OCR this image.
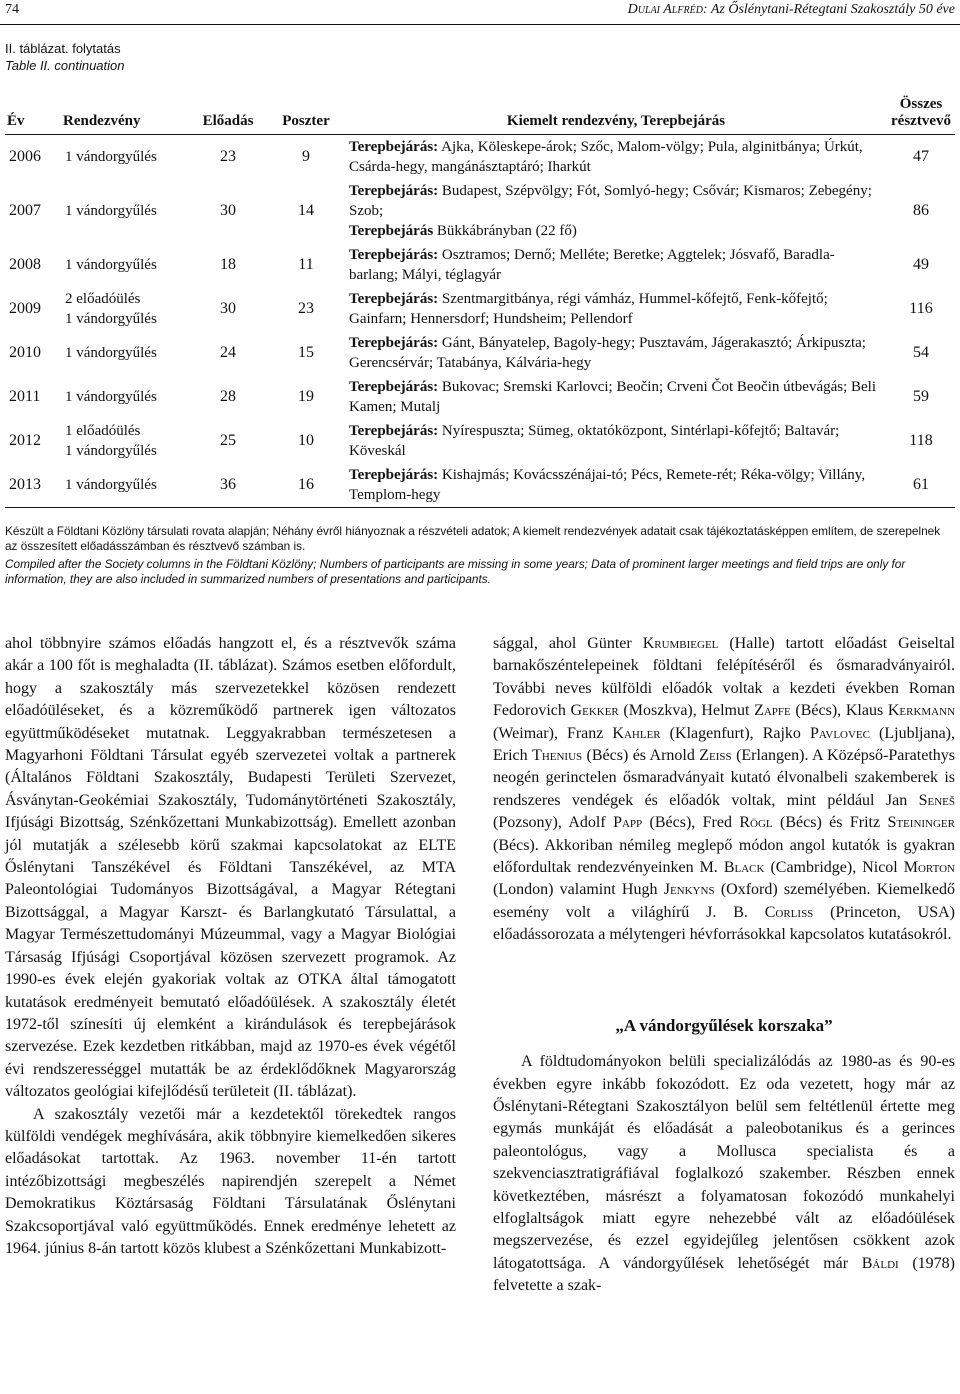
74	Dulai Alfréd: Az Őslénytani-Rétegtani Szakosztály 50 éve
II. táblázat. folytatás
Table II. continuation
Év	Rendezvény	Előadás	Poszter	Kiemelt rendezvény, Terepbejárás	Összes résztvevő
2006	1 vándorgyűlés	23	9	Terepbejárás: Ajka, Köleskepe-árok; Szőc, Malom-völgy; Pula, alginitbánya; Úrkút, Csárda-hegy, mangánásztaptáró; Iharkút	47
2007	1 vándorgyűlés	30	14	Terepbejárás: Budapest, Szépvölgy; Fót, Somlyó-hegy; Csővár; Kismaros; Zebegény; Szob;
Terepbejárás Bükkábrányban (22 fő)	86
2008	1 vándorgyűlés	18	11	Terepbejárás: Osztramos; Dernő; Melléte; Beretke; Aggtelek; Jósvafő, Baradla-barlang; Mályi, téglagyár	49
2009	2 előadóülés
1 vándorgyűlés	30	23	Terepbejárás: Szentmargitbánya, régi vámház, Hummel-kőfejtő, Fenk-kőfejtő; Gainfarn; Hennersdorf; Hundsheim; Pellendorf	116
2010	1 vándorgyűlés	24	15	Terepbejárás: Gánt, Bányatelep, Bagoly-hegy; Pusztavám, Jágerakasztó; Árkipuszta; Gerencsérvár; Tatabánya, Kálvária-hegy	54
2011	1 vándorgyűlés	28	19	Terepbejárás: Bukovac; Sremski Karlovci; Beočin; Crveni Čot Beočin útbevágás; Beli Kamen; Mutalj	59
2012	1 előadóülés
1 vándorgyűlés	25	10	Terepbejárás: Nyírespuszta; Sümeg, oktatóközpont, Sintérlapi-kőfejtő; Baltavár; Köveskál	118
2013	1 vándorgyűlés	36	16	Terepbejárás: Kishajmás; Kovácsszénájai-tó; Pécs, Remete-rét; Réka-völgy; Villány, Templom-hegy	61

Készült a Földtani Közlöny társulati rovata alapján; Néhány évről hiányoznak a részvételi adatok; A kiemelt rendezvények adatait csak tájékoztatásképpen említem, de szerepelnek az összesített előadásszámban és résztvevő számban is.

Compiled after the Society columns in the Földtani Közlöny; Numbers of participants are missing in some years; Data of prominent larger meetings and field trips are only for information, they are also included in summarized numbers of presentations and participants.

ahol többnyire számos előadás hangzott el, és a résztvevők száma akár a 100 főt is meghaladta (II. táblázat). Számos esetben előfordult, hogy a szakosztály más szervezetekkel közösen rendezett előadóüléseket, és a közreműködő partnerek igen változatos együttműködéseket mutatnak. Leggyakrabban természetesen a Magyarhoni Földtani Társulat egyéb szervezetei voltak a partnerek (Általános Földtani Szakosztály, Budapesti Területi Szervezet, Ásványtan-Geokémiai Szakosztály, Tudománytörténeti Szakosztály, Ifjúsági Bizottság, Szénkőzettani Munkabizottság). Emellett azonban jól mutatják a szélesebb körű szakmai kapcsolatokat az ELTE Őslénytani Tanszékével és Földtani Tanszékével, az MTA Paleontológiai Tudományos Bizottságával, a Magyar Rétegtani Bizottsággal, a Magyar Karszt- és Barlangkutató Társulattal, a Magyar Természettudományi Múzeummal, vagy a Magyar Biológiai Társaság Ifjúsági Csoportjával közösen szervezett programok. Az 1990-es évek elején gyakoriak voltak az OTKA által támogatott kutatások eredményeit bemutató előadóülések. A szakosztály életét 1972-től színesíti új elemként a kirándulások és terepbejárások szervezése. Ezek kezdetben ritkábban, majd az 1970-es évek végétől évi rendszerességgel mutatták be az érdeklődőknek Magyarország változatos geológiai kifejlődésű területeit (II. táblázat).

A szakosztály vezetői már a kezdetektől törekedtek rangos külföldi vendégek meghívására, akik többnyire kiemelkedően sikeres előadásokat tartottak. Az 1963. november 11-én tartott intézőbizottsági megbeszélés napirendjén szerepelt a Német Demokratikus Köztársaság Földtani Társulatának Őslénytani Szakcsoportjával való együttműködés. Ennek eredménye lehetett az 1964. június 8-án tartott közös klubest a Szénkőzettani Munkabizott-

sággal, ahol Günter Krumbiegel (Halle) tartott előadást Geiseltal barnakőszéntelepeinek földtani felépítéséről és ősmaradványairól. További neves külföldi előadók voltak a kezdeti években Roman Fedorovich Gekker (Moszkva), Helmut Zapfe (Bécs), Klaus Kerkmann (Weimar), Franz Kahler (Klagenfurt), Rajko Pavlovec (Ljubljana), Erich Thenius (Bécs) és Arnold Zeiss (Erlangen). A Középső-Paratethys neogén gerinctelen ősmaradványait kutató élvonalbeli szakemberek is rendszeres vendégek és előadók voltak, mint például Jan Seneš (Pozsony), Adolf Papp (Bécs), Fred Rögl (Bécs) és Fritz Steininger (Bécs). Akkoriban némileg meglepő módon angol kutatók is gyakran előfordultak rendezvényeinken M. Black (Cambridge), Nicol Morton (London) valamint Hugh Jenkyns (Oxford) személyében. Kiemelkedő esemény volt a világhírű J. B. Corliss (Princeton, USA) előadássorozata a mélytengeri hévforrásokkal kapcsolatos kutatásokról.

„A vándorgyűlések korszaka”

A földtudományokon belüli specializálódás az 1980-as és 90-es években egyre inkább fokozódott. Ez oda vezetett, hogy már az Őslénytani-Rétegtani Szakosztályon belül sem feltétlenül értette meg egymás munkáját és előadását a paleobotanikus és a gerinces paleontológus, vagy a Mollusca specialista és a szekvenciasztratigráfiával foglalkozó szakember. Részben ennek következtében, másrészt a folyamatosan fokozódó munkahelyi elfoglaltságok miatt egyre nehezebbé vált az előadóülések megszervezése, és ezzel egyidejűleg jelentősen csökkent azok látogatottsága. A vándorgyűlések lehetőségét már Báldi (1978) felvetette a szak-
